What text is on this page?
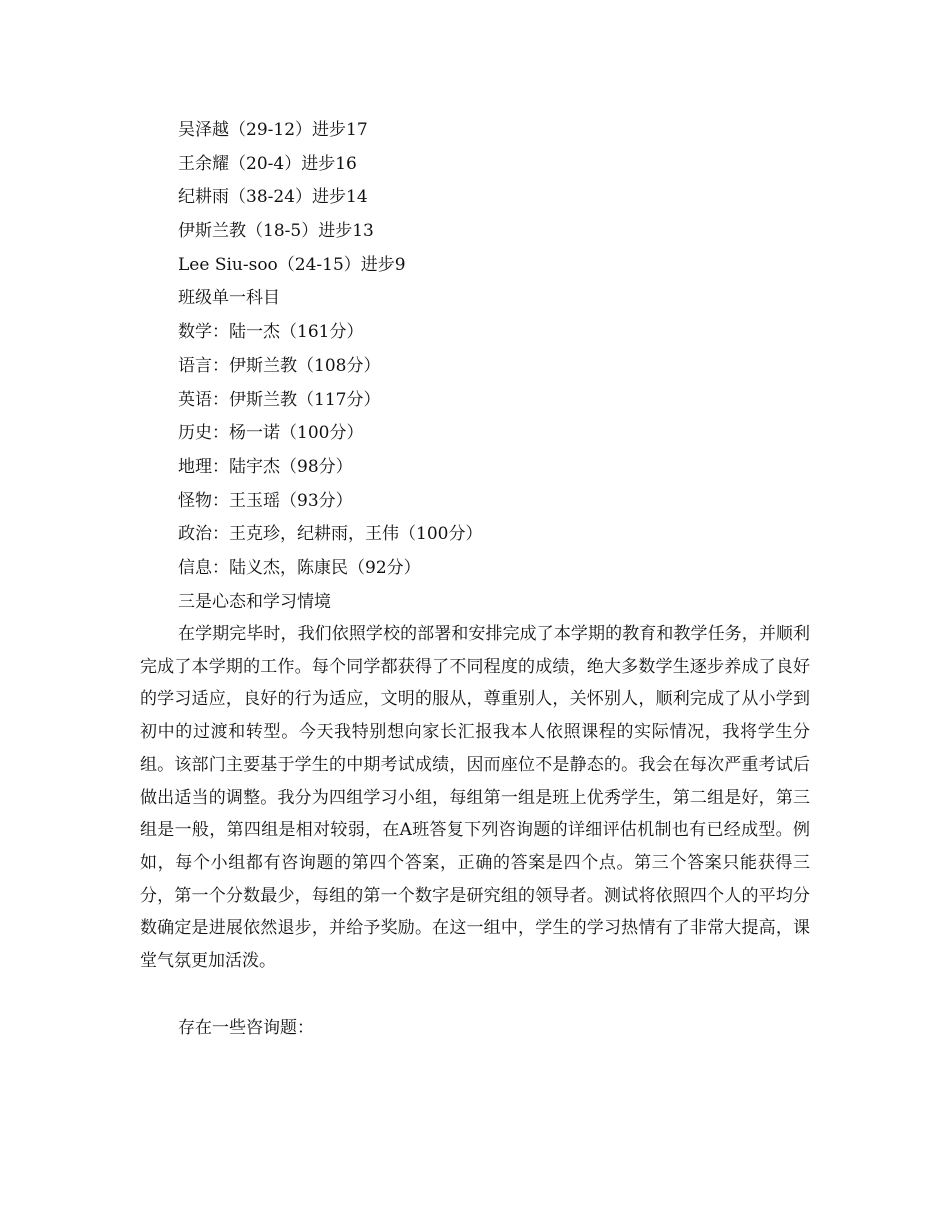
吴泽越（29-12）进步17
王余耀（20-4）进步16
纪耕雨（38-24）进步14
伊斯兰教（18-5）进步13
Lee Siu-soo（24-15）进步9
班级单一科目
数学：陆一杰（161分）
语言：伊斯兰教（108分）
英语：伊斯兰教（117分）
历史：杨一诺（100分）
地理：陆宇杰（98分）
怪物：王玉瑶（93分）
政治：王克珍，纪耕雨，王伟（100分）
信息：陆义杰，陈康民（92分）
三是心态和学习情境

在学期完毕时，我们依照学校的部署和安排完成了本学期的教育和教学任务，并顺利完成了本学期的工作。每个同学都获得了不同程度的成绩，绝大多数学生逐步养成了良好的学习适应，良好的行为适应，文明的服从，尊重别人，关怀别人，顺利完成了从小学到初中的过渡和转型。今天我特别想向家长汇报我本人依照课程的实际情况，我将学生分组。该部门主要基于学生的中期考试成绩，因而座位不是静态的。我会在每次严重考试后做出适当的调整。我分为四组学习小组，每组第一组是班上优秀学生，第二组是好，第三组是一般，第四组是相对较弱，在A班答复下列咨询题的详细评估机制也有已经成型。例如，每个小组都有咨询题的第四个答案，正确的答案是四个点。第三个答案只能获得三分，第一个分数最少，每组的第一个数字是研究组的领导者。测试将依照四个人的平均分数确定是进展依然退步，并给予奖励。在这一组中，学生的学习热情有了非常大提高，课堂气氛更加活泼。

存在一些咨询题：
